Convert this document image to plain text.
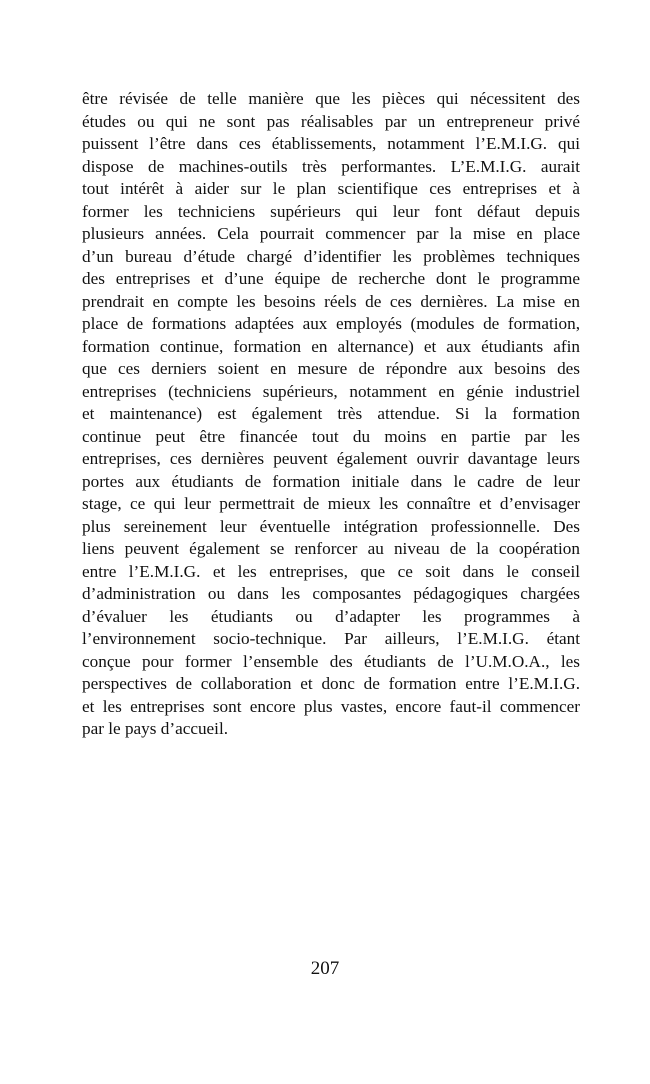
être révisée de telle manière que les pièces qui nécessitent des
études ou qui ne sont pas réalisables par un entrepreneur privé
puissent l’être dans ces établissements, notamment l’E.M.I.G. qui
dispose de machines-outils très performantes. L’E.M.I.G. aurait
tout intérêt à aider sur le plan scientifique ces entreprises et à
former les techniciens supérieurs qui leur font défaut depuis
plusieurs années. Cela pourrait commencer par la mise en place
d’un bureau d’étude chargé d’identifier les problèmes techniques
des entreprises et d’une équipe de recherche dont le programme
prendrait en compte les besoins réels de ces dernières. La mise en
place de formations adaptées aux employés (modules de formation,
formation continue, formation en alternance) et aux étudiants afin
que ces derniers soient en mesure de répondre aux besoins des
entreprises (techniciens supérieurs, notamment en génie industriel
et maintenance) est également très attendue. Si la formation
continue peut être financée tout du moins en partie par les
entreprises, ces dernières peuvent également ouvrir davantage leurs
portes aux étudiants de formation initiale dans le cadre de leur
stage, ce qui leur permettrait de mieux les connaître et d’envisager
plus sereinement leur éventuelle intégration professionnelle. Des
liens peuvent également se renforcer au niveau de la coopération
entre l’E.M.I.G. et les entreprises, que ce soit dans le conseil
d’administration ou dans les composantes pédagogiques chargées
d’évaluer les étudiants ou d’adapter les programmes à
l’environnement socio-technique. Par ailleurs, l’E.M.I.G. étant
conçue pour former l’ensemble des étudiants de l’U.M.O.A., les
perspectives de collaboration et donc de formation entre l’E.M.I.G.
et les entreprises sont encore plus vastes, encore faut-il commencer
par le pays d’accueil.
207
